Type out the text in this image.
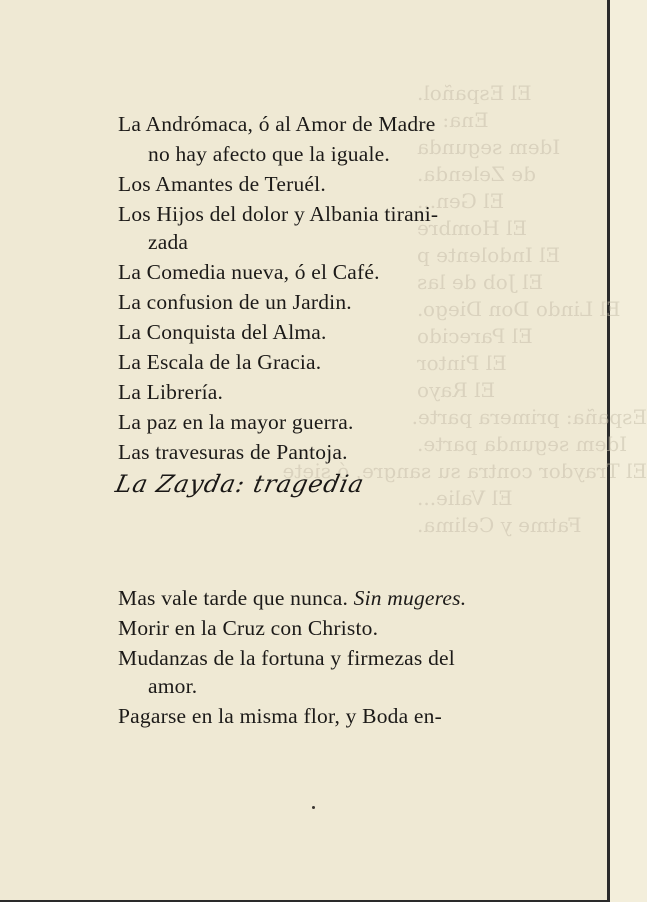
El Español.
Ena: ...
Idem segunda
de Zelenda.
El Gen...
El Hombre
El Indolente p
El Job de las
El Lindo Don Diego.
El Parecido
El Pintor
El Rayo
España: primera parte.
Idem segunda parte.
El Traydor contra su sangre, ó siete
El Valie...
Fatme y Celima.
La Andrómaca, ó al Amor de Madre
no hay afecto que la iguale.
Los Amantes de Teruél.
Los Hijos del dolor y Albania tirani-
zada
La Comedia nueva, ó el Café.
La confusion de un Jardin.
La Conquista del Alma.
La Escala de la Gracia.
La Librería.
La paz en la mayor guerra.
Las travesuras de Pantoja.
La Zayda: tragedia
Mas vale tarde que nunca. Sin mugeres.
Morir en la Cruz con Christo.
Mudanzas de la fortuna y firmezas del
amor.
Pagarse en la misma flor, y Boda en-
